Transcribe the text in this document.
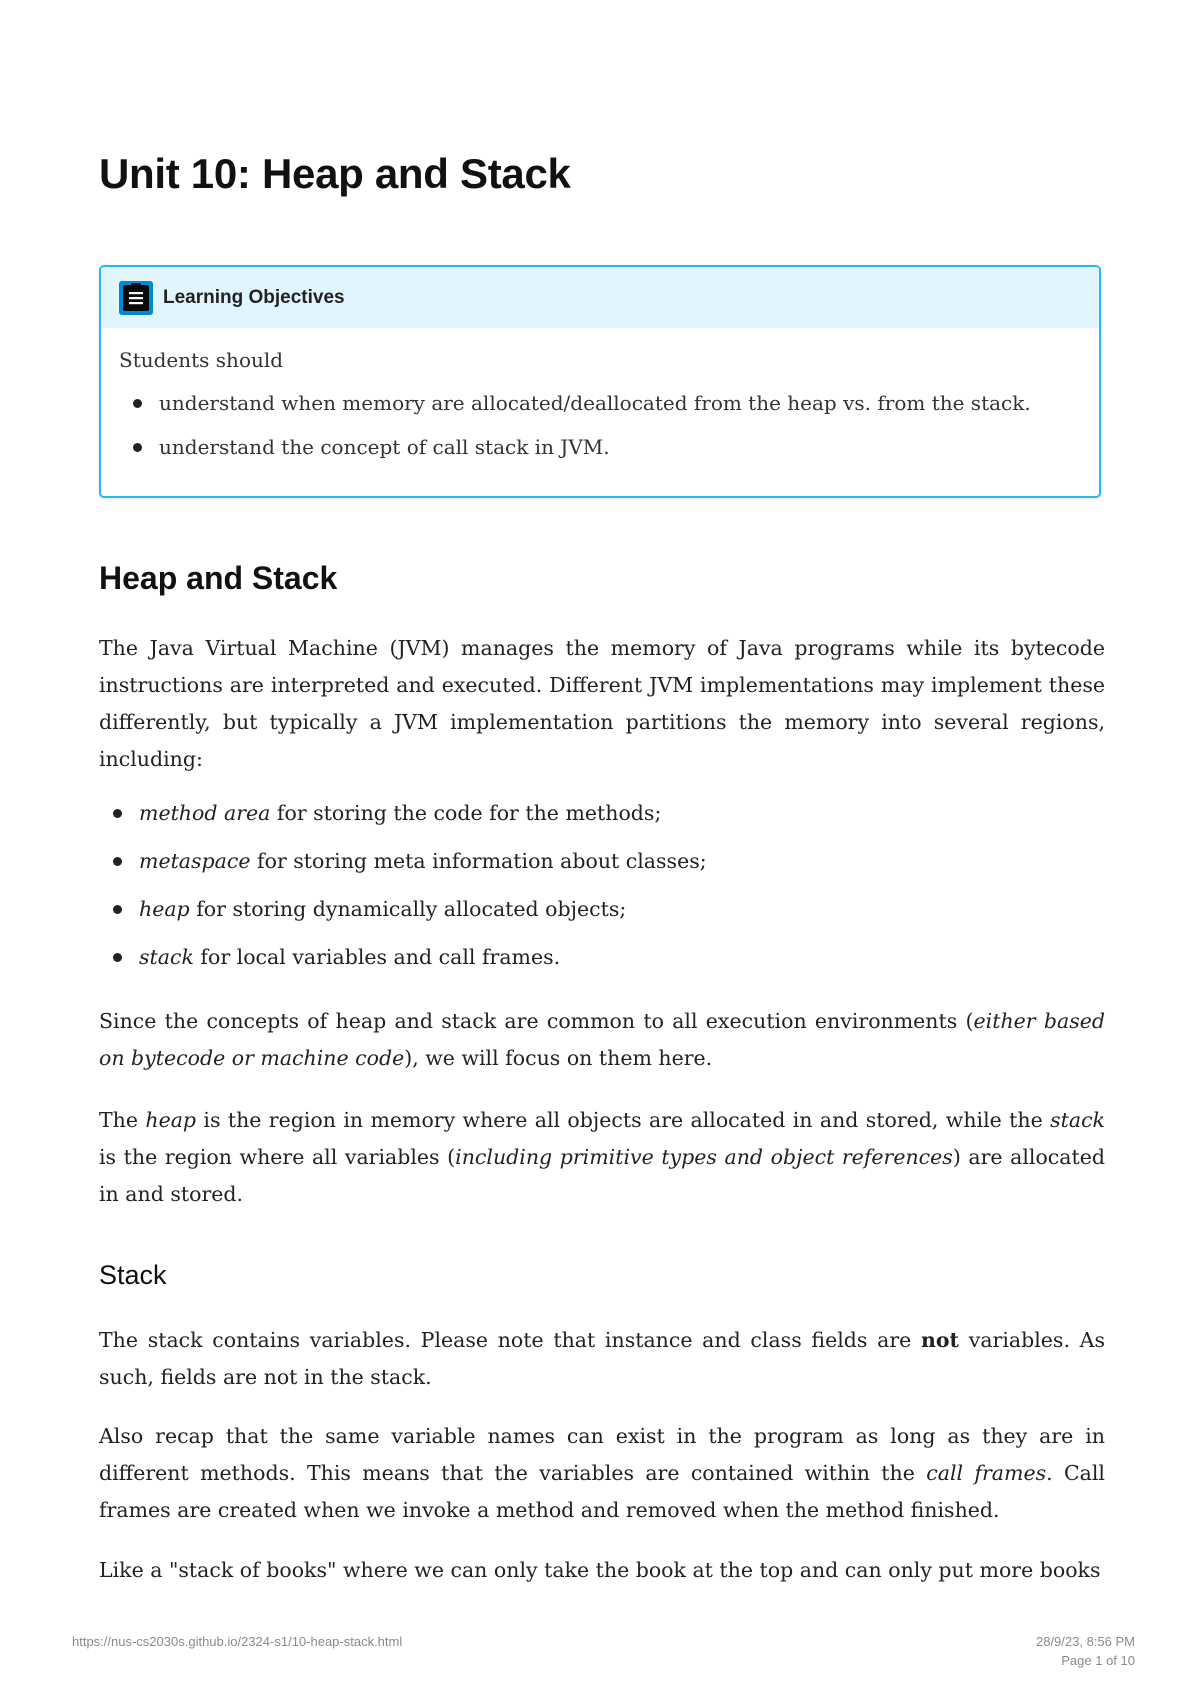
Unit 10: Heap and Stack
Learning Objectives

Students should

understand when memory are allocated/deallocated from the heap vs. from the stack.
understand the concept of call stack in JVM.
Heap and Stack

The Java Virtual Machine (JVM) manages the memory of Java programs while its bytecode instructions are interpreted and executed. Different JVM implementations may implement these differently, but typically a JVM implementation partitions the memory into several regions, including:

method area for storing the code for the methods;
metaspace for storing meta information about classes;
heap for storing dynamically allocated objects;
stack for local variables and call frames.

Since the concepts of heap and stack are common to all execution environments (either based on bytecode or machine code), we will focus on them here.

The heap is the region in memory where all objects are allocated in and stored, while the stack is the region where all variables (including primitive types and object references) are allocated in and stored.

Stack

The stack contains variables. Please note that instance and class fields are not variables. As such, fields are not in the stack.

Also recap that the same variable names can exist in the program as long as they are in different methods. This means that the variables are contained within the call frames. Call frames are created when we invoke a method and removed when the method finished.

Like a "stack of books" where we can only take the book at the top and can only put more books

https://nus-cs2030s.github.io/2324-s1/10-heap-stack.html	28/9/23, 8:56 PM
Page 1 of 10
